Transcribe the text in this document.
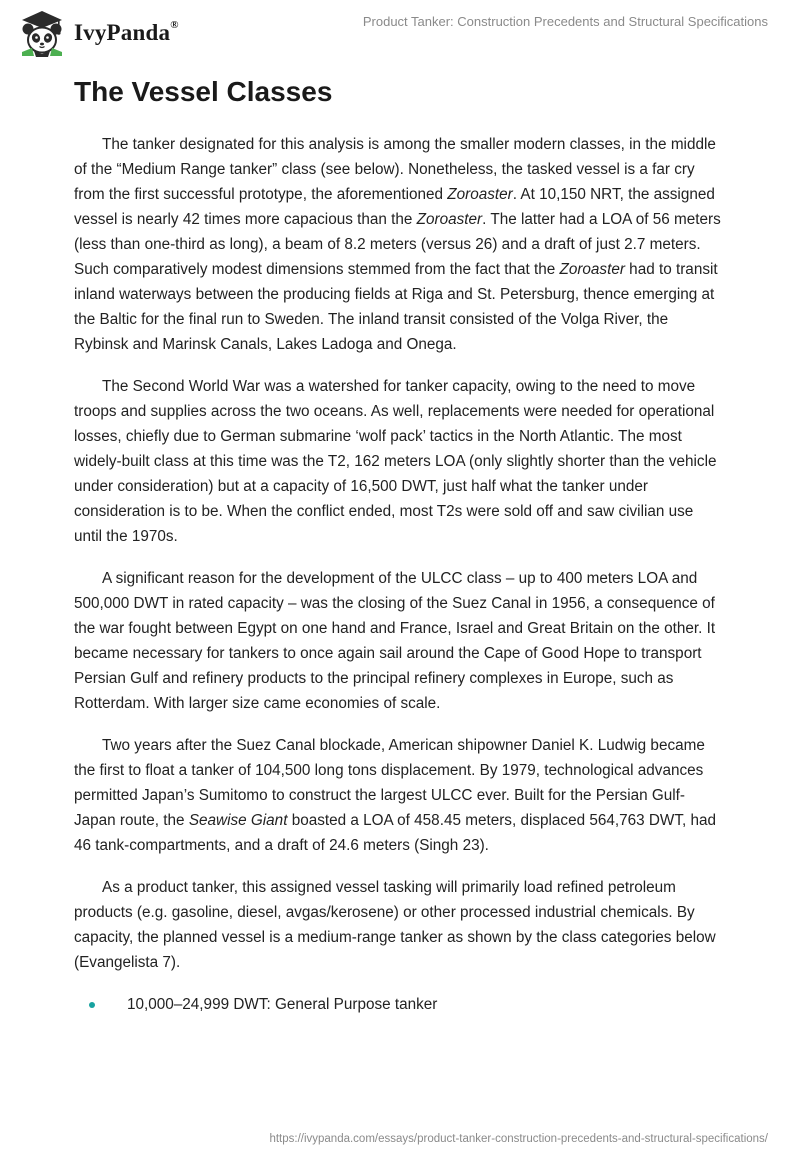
IvyPanda®	Product Tanker: Construction Precedents and Structural Specifications
The Vessel Classes

The tanker designated for this analysis is among the smaller modern classes, in the middle of the “Medium Range tanker” class (see below). Nonetheless, the tasked vessel is a far cry from the first successful prototype, the aforementioned Zoroaster. At 10,150 NRT, the assigned vessel is nearly 42 times more capacious than the Zoroaster. The latter had a LOA of 56 meters (less than one-third as long), a beam of 8.2 meters (versus 26) and a draft of just 2.7 meters. Such comparatively modest dimensions stemmed from the fact that the Zoroaster had to transit inland waterways between the producing fields at Riga and St. Petersburg, thence emerging at the Baltic for the final run to Sweden. The inland transit consisted of the Volga River, the Rybinsk and Marinsk Canals, Lakes Ladoga and Onega.

The Second World War was a watershed for tanker capacity, owing to the need to move troops and supplies across the two oceans. As well, replacements were needed for operational losses, chiefly due to German submarine ‘wolf pack’ tactics in the North Atlantic. The most widely-built class at this time was the T2, 162 meters LOA (only slightly shorter than the vehicle under consideration) but at a capacity of 16,500 DWT, just half what the tanker under consideration is to be. When the conflict ended, most T2s were sold off and saw civilian use until the 1970s.

A significant reason for the development of the ULCC class – up to 400 meters LOA and 500,000 DWT in rated capacity – was the closing of the Suez Canal in 1956, a consequence of the war fought between Egypt on one hand and France, Israel and Great Britain on the other. It became necessary for tankers to once again sail around the Cape of Good Hope to transport Persian Gulf and refinery products to the principal refinery complexes in Europe, such as Rotterdam. With larger size came economies of scale.

Two years after the Suez Canal blockade, American shipowner Daniel K. Ludwig became the first to float a tanker of 104,500 long tons displacement. By 1979, technological advances permitted Japan’s Sumitomo to construct the largest ULCC ever. Built for the Persian Gulf-Japan route, the Seawise Giant boasted a LOA of 458.45 meters, displaced 564,763 DWT, had 46 tank-compartments, and a draft of 24.6 meters (Singh 23).

As a product tanker, this assigned vessel tasking will primarily load refined petroleum products (e.g. gasoline, diesel, avgas/kerosene) or other processed industrial chemicals. By capacity, the planned vessel is a medium-range tanker as shown by the class categories below (Evangelista 7).

10,000–24,999 DWT: General Purpose tanker
https://ivypanda.com/essays/product-tanker-construction-precedents-and-structural-specifications/
